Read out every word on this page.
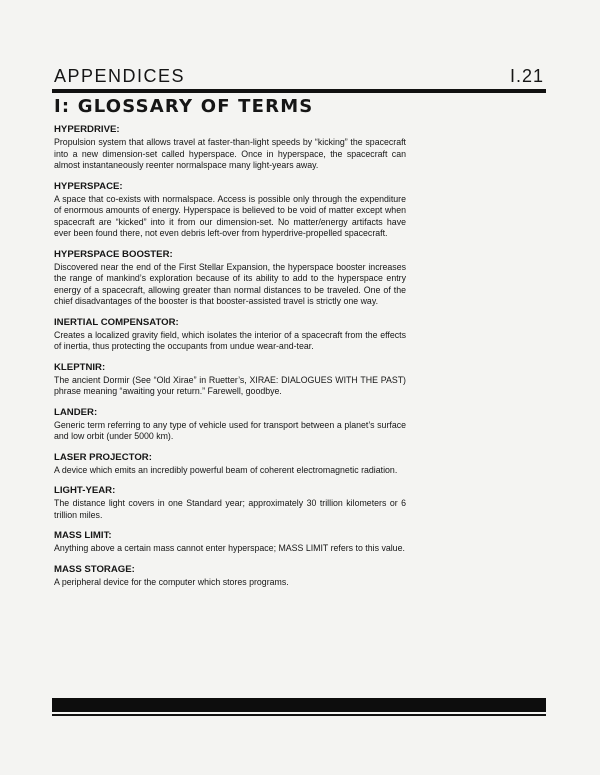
APPENDICES	I.21
I: GLOSSARY OF TERMS

HYPERDRIVE:

Propulsion system that allows travel at faster-than-light speeds by “kicking” the spacecraft into a new dimension-set called hyperspace. Once in hyperspace, the spacecraft can almost instantaneously reenter normalspace many light-years away.

HYPERSPACE:

A space that co-exists with normalspace. Access is possible only through the expenditure of enormous amounts of energy. Hyperspace is believed to be void of matter except when spacecraft are “kicked” into it from our dimension-set. No matter/energy artifacts have ever been found there, not even debris left-over from hyperdrive-propelled spacecraft.

HYPERSPACE BOOSTER:

Discovered near the end of the First Stellar Expansion, the hyperspace booster increases the range of mankind’s exploration because of its ability to add to the hyperspace entry energy of a spacecraft, allowing greater than normal distances to be traveled. One of the chief disadvantages of the booster is that booster-assisted travel is strictly one way.

INERTIAL COMPENSATOR:

Creates a localized gravity field, which isolates the interior of a spacecraft from the effects of inertia, thus protecting the occupants from undue wear-and-tear.

KLEPTNIR:

The ancient Dormir (See “Old Xirae” in Ruetter’s, XIRAE: DIALOGUES WITH THE PAST) phrase meaning “awaiting your return.” Farewell, goodbye.

LANDER:

Generic term referring to any type of vehicle used for transport between a planet’s surface and low orbit (under 5000 km).

LASER PROJECTOR:

A device which emits an incredibly powerful beam of coherent electromagnetic radiation.

LIGHT-YEAR:

The distance light covers in one Standard year; approximately 30 trillion kilometers or 6 trillion miles.

MASS LIMIT:

Anything above a certain mass cannot enter hyperspace; MASS LIMIT refers to this value.

MASS STORAGE:

A peripheral device for the computer which stores programs.
